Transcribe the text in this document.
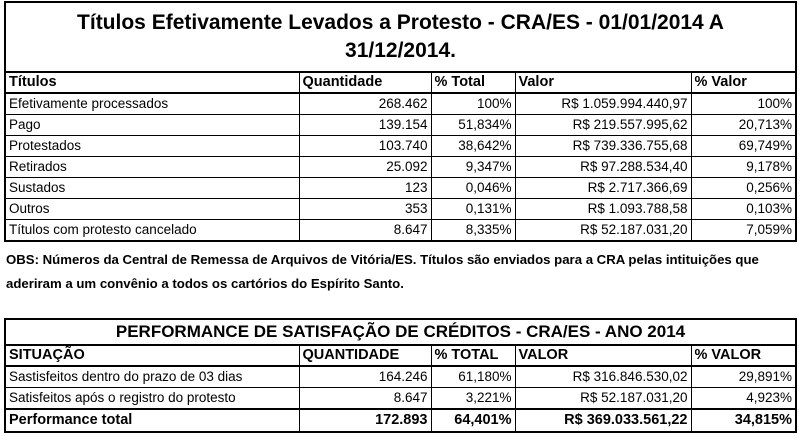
Títulos Efetivamente Levados a Protesto - CRA/ES - 01/01/2014 A 31/12/2014.				
Títulos	Quantidade	% Total	Valor	% Valor
Efetivamente processados	268.462	100%	R$ 1.059.994.440,97	100%
Pago	139.154	51,834%	R$ 219.557.995,62	20,713%
Protestados	103.740	38,642%	R$ 739.336.755,68	69,749%
Retirados	25.092	9,347%	R$ 97.288.534,40	9,178%
Sustados	123	0,046%	R$ 2.717.366,69	0,256%
Outros	353	0,131%	R$ 1.093.788,58	0,103%
Títulos com protesto cancelado	8.647	8,335%	R$ 52.187.031,20	7,059%

OBS: Números da Central de Remessa de Arquivos de Vitória/ES. Títulos são enviados para a CRA pelas intituições que aderiram a um convênio a todos os cartórios do Espírito Santo.

PERFORMANCE DE SATISFAÇÃO DE CRÉDITOS - CRA/ES - ANO 2014				
SITUAÇÃO	QUANTIDADE	% TOTAL	VALOR	% VALOR
Sastisfeitos dentro do prazo de 03 dias	164.246	61,180%	R$ 316.846.530,02	29,891%
Satisfeitos após o registro do protesto	8.647	3,221%	R$ 52.187.031,20	4,923%
Performance total	172.893	64,401%	R$ 369.033.561,22	34,815%
